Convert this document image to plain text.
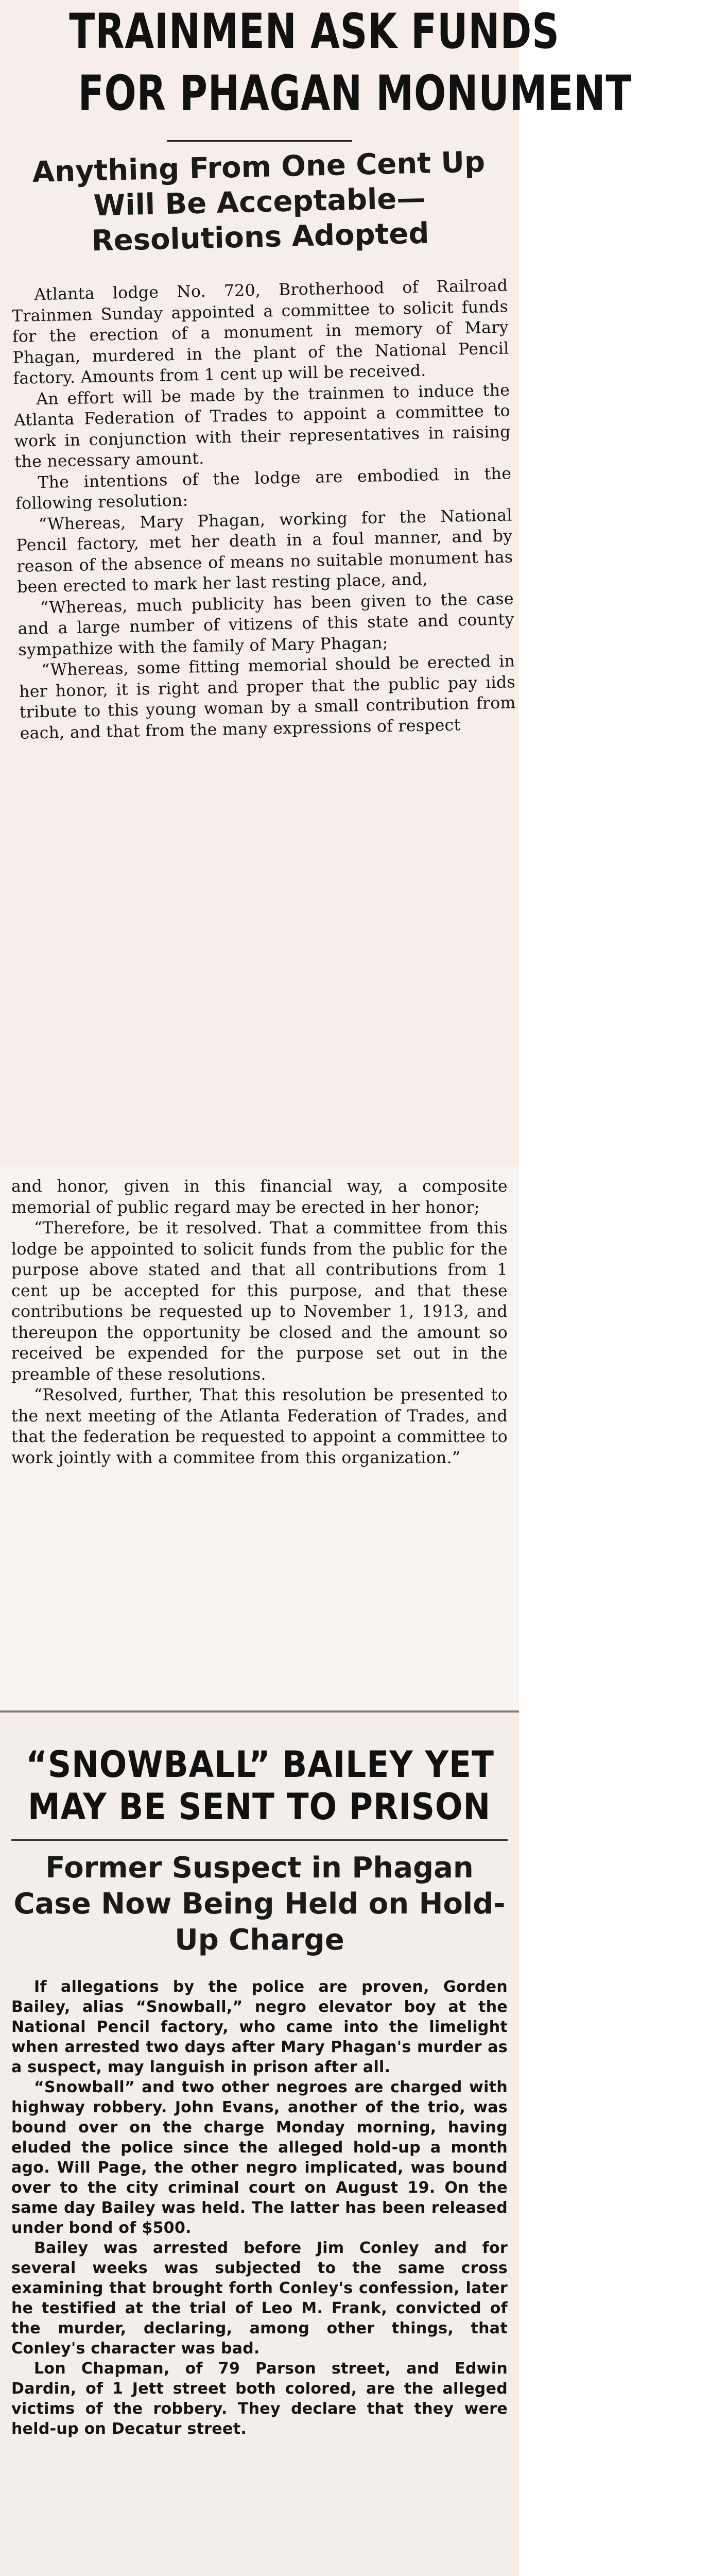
TRAINMEN ASK FUNDS
FOR PHAGAN MONUMENT
Anything From One Cent Up Will Be Acceptable—Resolutions Adopted

Atlanta lodge No. 720, Brotherhood of Railroad Trainmen Sunday appointed a committee to solicit funds for the erection of a monument in memory of Mary Phagan, murdered in the plant of the National Pencil factory. Amounts from 1 cent up will be received.

An effort will be made by the trainmen to induce the Atlanta Federation of Trades to appoint a committee to work in conjunction with their representatives in raising the necessary amount.

The intentions of the lodge are embodied in the following resolution:

“Whereas, Mary Phagan, working for the National Pencil factory, met her death in a foul manner, and by reason of the absence of means no suitable monument has been erected to mark her last resting place, and,

“Whereas, much publicity has been given to the case and a large number of vitizens of this state and county sympathize with the family of Mary Phagan;

“Whereas, some fitting memorial should be erected in her honor, it is right and proper that the public pay ıids tribute to this young woman by a small contribution from each, and that from the many expressions of respect

and honor, given in this financial way, a composite memorial of public regard may be erected in her honor;

“Therefore, be it resolved. That a committee from this lodge be appointed to solicit funds from the public for the purpose above stated and that all contributions from 1 cent up be accepted for this purpose, and that these contributions be requested up to November 1, 1913, and thereupon the opportunity be closed and the amount so received be expended for the purpose set out in the preamble of these resolutions.

“Resolved, further, That this resolution be presented to the next meeting of the Atlanta Federation of Trades, and that the federation be requested to appoint a committee to work jointly with a commitee from this organization.”

“SNOWBALL” BAILEY YET
MAY BE SENT TO PRISON
Former Suspect in Phagan Case Now Being Held on Hold-Up Charge

If allegations by the police are proven, Gorden Bailey, alias “Snowball,” negro elevator boy at the National Pencil factory, who came into the limelight when arrested two days after Mary Phagan's murder as a suspect, may languish in prison after all.

“Snowball” and two other negroes are charged with highway robbery. John Evans, another of the trio, was bound over on the charge Monday morning, having eluded the police since the alleged hold-up a month ago. Will Page, the other negro implicated, was bound over to the city criminal court on August 19. On the same day Bailey was held. The latter has been released under bond of $500.

Bailey was arrested before Jim Conley and for several weeks was subjected to the same cross examining that brought forth Conley's confession, later he testified at the trial of Leo M. Frank, convicted of the murder, declaring, among other things, that Conley's character was bad.

Lon Chapman, of 79 Parson street, and Edwin Dardin, of 1 Jett street both colored, are the alleged victims of the robbery. They declare that they were held-up on Decatur street.
